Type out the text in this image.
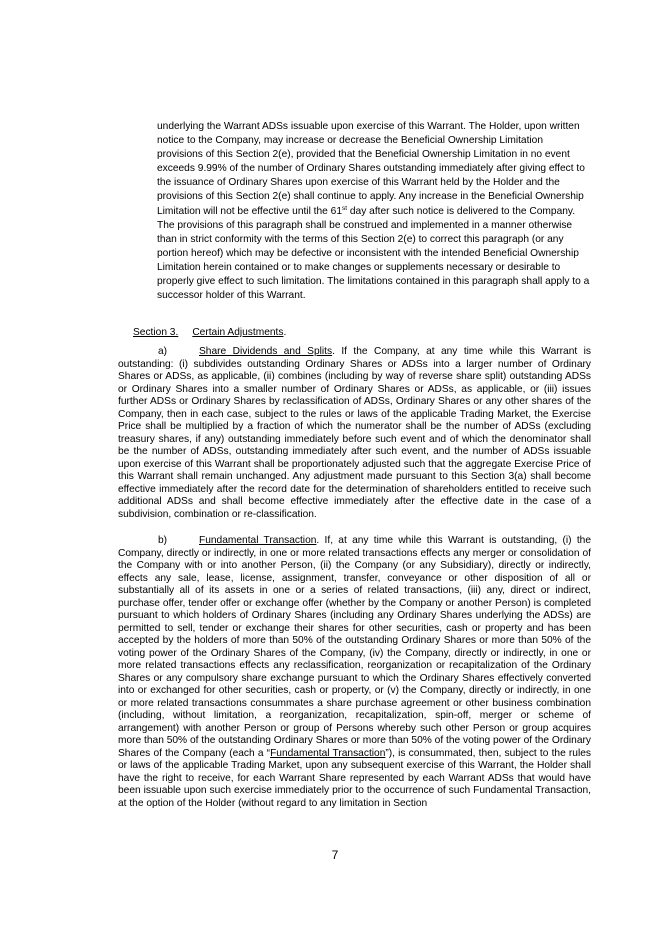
underlying the Warrant ADSs issuable upon exercise of this Warrant. The Holder, upon written notice to the Company, may increase or decrease the Beneficial Ownership Limitation provisions of this Section 2(e), provided that the Beneficial Ownership Limitation in no event exceeds 9.99% of the number of Ordinary Shares outstanding immediately after giving effect to the issuance of Ordinary Shares upon exercise of this Warrant held by the Holder and the provisions of this Section 2(e) shall continue to apply. Any increase in the Beneficial Ownership Limitation will not be effective until the 61st day after such notice is delivered to the Company. The provisions of this paragraph shall be construed and implemented in a manner otherwise than in strict conformity with the terms of this Section 2(e) to correct this paragraph (or any portion hereof) which may be defective or inconsistent with the intended Beneficial Ownership Limitation herein contained or to make changes or supplements necessary or desirable to properly give effect to such limitation. The limitations contained in this paragraph shall apply to a successor holder of this Warrant.
Section 3. Certain Adjustments.
a)	Share Dividends and Splits. If the Company, at any time while this Warrant is outstanding: (i) subdivides outstanding Ordinary Shares or ADSs into a larger number of Ordinary Shares or ADSs, as applicable, (ii) combines (including by way of reverse share split) outstanding ADSs or Ordinary Shares into a smaller number of Ordinary Shares or ADSs, as applicable, or (iii) issues further ADSs or Ordinary Shares by reclassification of ADSs, Ordinary Shares or any other shares of the Company, then in each case, subject to the rules or laws of the applicable Trading Market, the Exercise Price shall be multiplied by a fraction of which the numerator shall be the number of ADSs (excluding treasury shares, if any) outstanding immediately before such event and of which the denominator shall be the number of ADSs, outstanding immediately after such event, and the number of ADSs issuable upon exercise of this Warrant shall be proportionately adjusted such that the aggregate Exercise Price of this Warrant shall remain unchanged. Any adjustment made pursuant to this Section 3(a) shall become effective immediately after the record date for the determination of shareholders entitled to receive such additional ADSs and shall become effective immediately after the effective date in the case of a subdivision, combination or re-classification.
b)	Fundamental Transaction. If, at any time while this Warrant is outstanding, (i) the Company, directly or indirectly, in one or more related transactions effects any merger or consolidation of the Company with or into another Person, (ii) the Company (or any Subsidiary), directly or indirectly, effects any sale, lease, license, assignment, transfer, conveyance or other disposition of all or substantially all of its assets in one or a series of related transactions, (iii) any, direct or indirect, purchase offer, tender offer or exchange offer (whether by the Company or another Person) is completed pursuant to which holders of Ordinary Shares (including any Ordinary Shares underlying the ADSs) are permitted to sell, tender or exchange their shares for other securities, cash or property and has been accepted by the holders of more than 50% of the outstanding Ordinary Shares or more than 50% of the voting power of the Ordinary Shares of the Company, (iv) the Company, directly or indirectly, in one or more related transactions effects any reclassification, reorganization or recapitalization of the Ordinary Shares or any compulsory share exchange pursuant to which the Ordinary Shares effectively converted into or exchanged for other securities, cash or property, or (v) the Company, directly or indirectly, in one or more related transactions consummates a share purchase agreement or other business combination (including, without limitation, a reorganization, recapitalization, spin-off, merger or scheme of arrangement) with another Person or group of Persons whereby such other Person or group acquires more than 50% of the outstanding Ordinary Shares or more than 50% of the voting power of the Ordinary Shares of the Company (each a “Fundamental Transaction”), is consummated, then, subject to the rules or laws of the applicable Trading Market, upon any subsequent exercise of this Warrant, the Holder shall have the right to receive, for each Warrant Share represented by each Warrant ADSs that would have been issuable upon such exercise immediately prior to the occurrence of such Fundamental Transaction, at the option of the Holder (without regard to any limitation in Section
7
